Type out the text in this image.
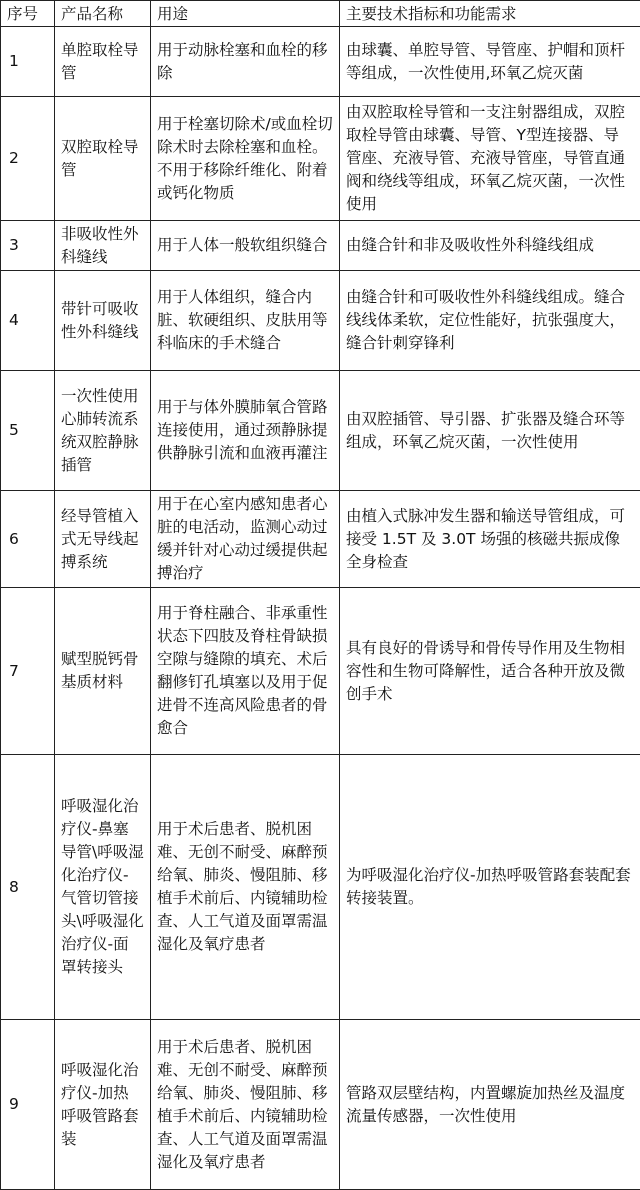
序号	产品名称	用途	主要技术指标和功能需求
1	单腔取栓导管	用于动脉栓塞和血栓的移除	由球囊、单腔导管、导管座、护帽和顶杆等组成，一次性使用,环氧乙烷灭菌
2	双腔取栓导管	用于栓塞切除术/或血栓切除术时去除栓塞和血栓。不用于移除纤维化、附着或钙化物质	由双腔取栓导管和一支注射器组成，双腔取栓导管由球囊、导管、Y型连接器、导管座、充液导管、充液导管座，导管直通阀和绕线等组成，环氧乙烷灭菌，一次性使用
3	非吸收性外科缝线	用于人体一般软组织缝合	由缝合针和非及吸收性外科缝线组成
4	带针可吸收性外科缝线	用于人体组织，缝合内脏、软硬组织、皮肤用等科临床的手术缝合	由缝合针和可吸收性外科缝线组成。缝合线线体柔软，定位性能好，抗张强度大，缝合针刺穿锋利
5	一次性使用心肺转流系统双腔静脉插管	用于与体外膜肺氧合管路连接使用，通过颈静脉提供静脉引流和血液再灌注	由双腔插管、导引器、扩张器及缝合环等组成，环氧乙烷灭菌，一次性使用
6	经导管植入式无导线起搏系统	用于在心室内感知患者心脏的电活动，监测心动过缓并针对心动过缓提供起搏治疗	由植入式脉冲发生器和输送导管组成，可接受 1.5T 及 3.0T 场强的核磁共振成像全身检查
7	赋型脱钙骨基质材料	用于脊柱融合、非承重性状态下四肢及脊柱骨缺损空隙与缝隙的填充、术后翻修钉孔填塞以及用于促进骨不连高风险患者的骨愈合	具有良好的骨诱导和骨传导作用及生物相容性和生物可降解性，适合各种开放及微创手术
8	呼吸湿化治疗仪-鼻塞导管\呼吸湿化治疗仪-气管切管接头\呼吸湿化治疗仪-面罩转接头	用于术后患者、脱机困难、无创不耐受、麻醉预给氧、肺炎、慢阻肺、移植手术前后、内镜辅助检查、人工气道及面罩需温湿化及氧疗患者	为呼吸湿化治疗仪-加热呼吸管路套装配套转接装置。
9	呼吸湿化治疗仪-加热呼吸管路套装	用于术后患者、脱机困难、无创不耐受、麻醉预给氧、肺炎、慢阻肺、移植手术前后、内镜辅助检查、人工气道及面罩需温湿化及氧疗患者	管路双层壁结构，内置螺旋加热丝及温度流量传感器，一次性使用
